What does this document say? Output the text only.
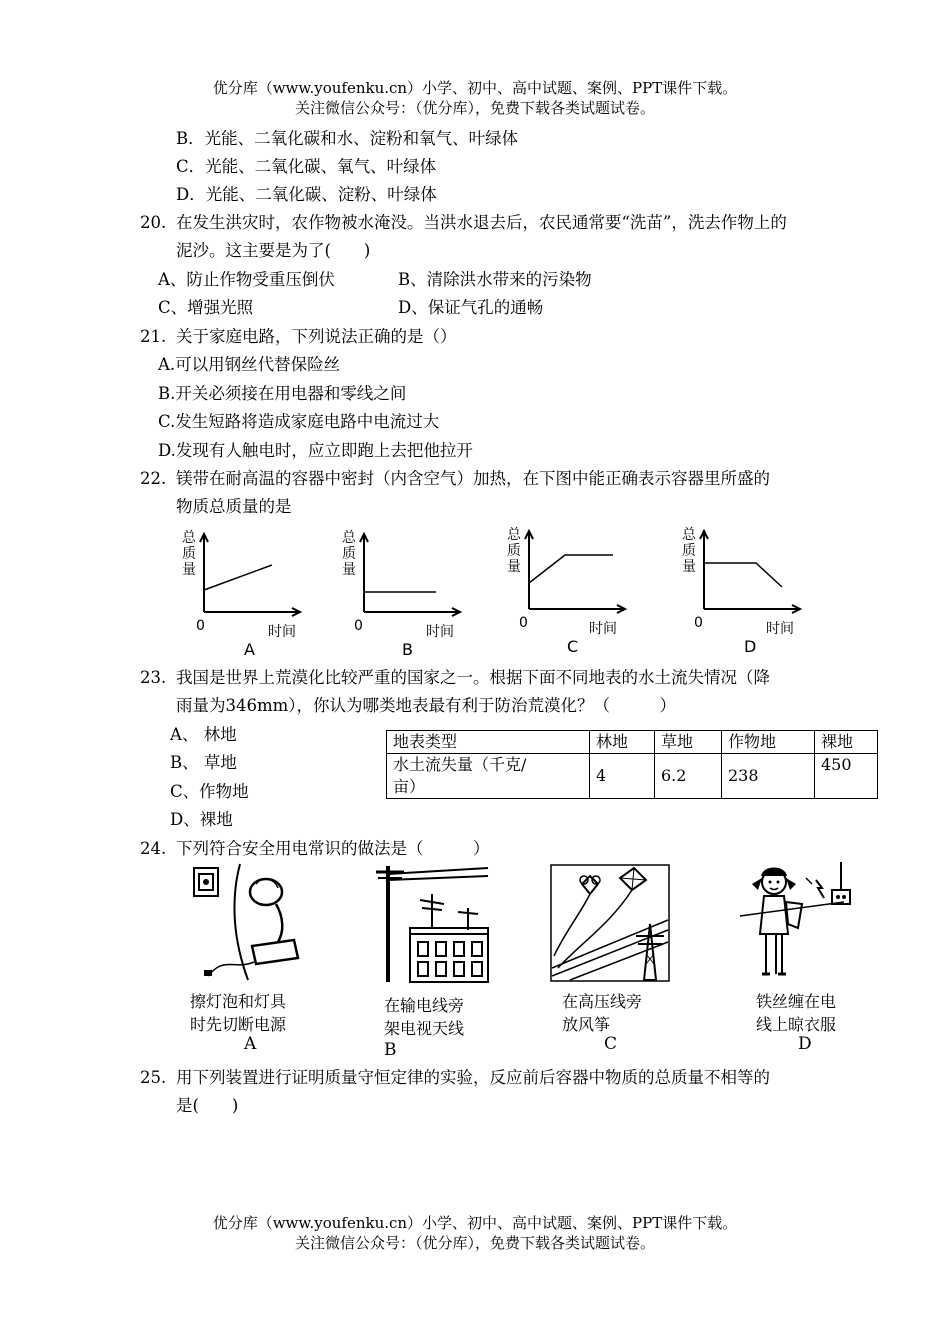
优分库（www.youfenku.cn）小学、初中、高中试题、案例、PPT课件下载。
关注微信公众号：（优分库），免费下载各类试题试卷。
B．光能、二氧化碳和水、淀粉和氧气、叶绿体
C．光能、二氧化碳、氧气、叶绿体
D．光能、二氧化碳、淀粉、叶绿体
20. 在发生洪灾时，农作物被水淹没。当洪水退去后，农民通常要“洗苗”，洗去作物上的
泥沙。这主要是为了(　　)
A、防止作物受重压倒伏	B、清除洪水带来的污染物
C、增强光照	D、保证气孔的通畅
21. 关于家庭电路，下列说法正确的是（）
A.可以用钢丝代替保险丝
B.开关必须接在用电器和零线之间
C.发生短路将造成家庭电路中电流过大
D.发现有人触电时，应立即跑上去把他拉开
22. 镁带在耐高温的容器中密封（内含空气）加热，在下图中能正确表示容器里所盛的
物质总质量的是
总
质
量
0	时间
A
总
质
量
0	时间
B
总
质
量
0	时间
C
总
质
量
0	时间
D
23. 我国是世界上荒漠化比较严重的国家之一。根据下面不同地表的水土流失情况（降
雨量为346mm），你认为哪类地表最有利于防治荒漠化？（　　　）
A、 林地
B、 草地
C、作物地
D、裸地
地表类型	林地	草地	作物地	裸地
水土流失量（千克/
亩）	4	6.2	238	450
24. 下列符合安全用电常识的做法是（　　　）
擦灯泡和灯具
时先切断电源
A
在输电线旁
架电视天线
B
在高压线旁
放风筝
C
铁丝缠在电
线上晾衣服
D
25. 用下列装置进行证明质量守恒定律的实验，反应前后容器中物质的总质量不相等的
是(　　)
优分库（www.youfenku.cn）小学、初中、高中试题、案例、PPT课件下载。
关注微信公众号：（优分库），免费下载各类试题试卷。
